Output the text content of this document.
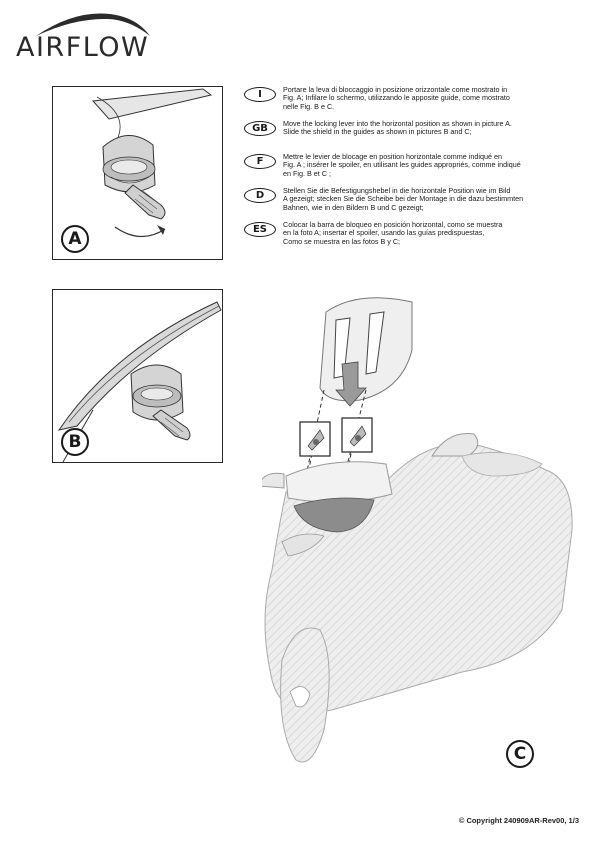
AIRFLOW
A
B
I	Portare la leva di bloccaggio in posizione orizzontale come mostrato in
Fig. A; Infilare lo schermo, utilizzando le apposite guide, come mostrato
nelle Fig. B e C.
GB	Move the locking lever into the horizontal position as shown in picture A.
Slide the shield in the guides as shown in pictures B and C;
F	Mettre le levier de blocage en position horizontale comme indiqué en
Fig. A ; insérer le spoiler, en utilisant les guides appropriés, comme indiqué
en Fig. B et C ;
D	Stellen Sie die Befestigungshebel in die horizontale Position wie im Bild
A gezeigt; stecken Sie die Scheibe bei der Montage in die dazu bestimmten
Bahnen, wie in den Bildern B und C gezeigt;
ES	Colocar la barra de bloqueo en posición horizontal, como se muestra
en la foto A; insertar el spoiler, usando las guías predispuestas,
Como se muestra en las fotos B y C;
C
© Copyright 240909AR-Rev00, 1/3
